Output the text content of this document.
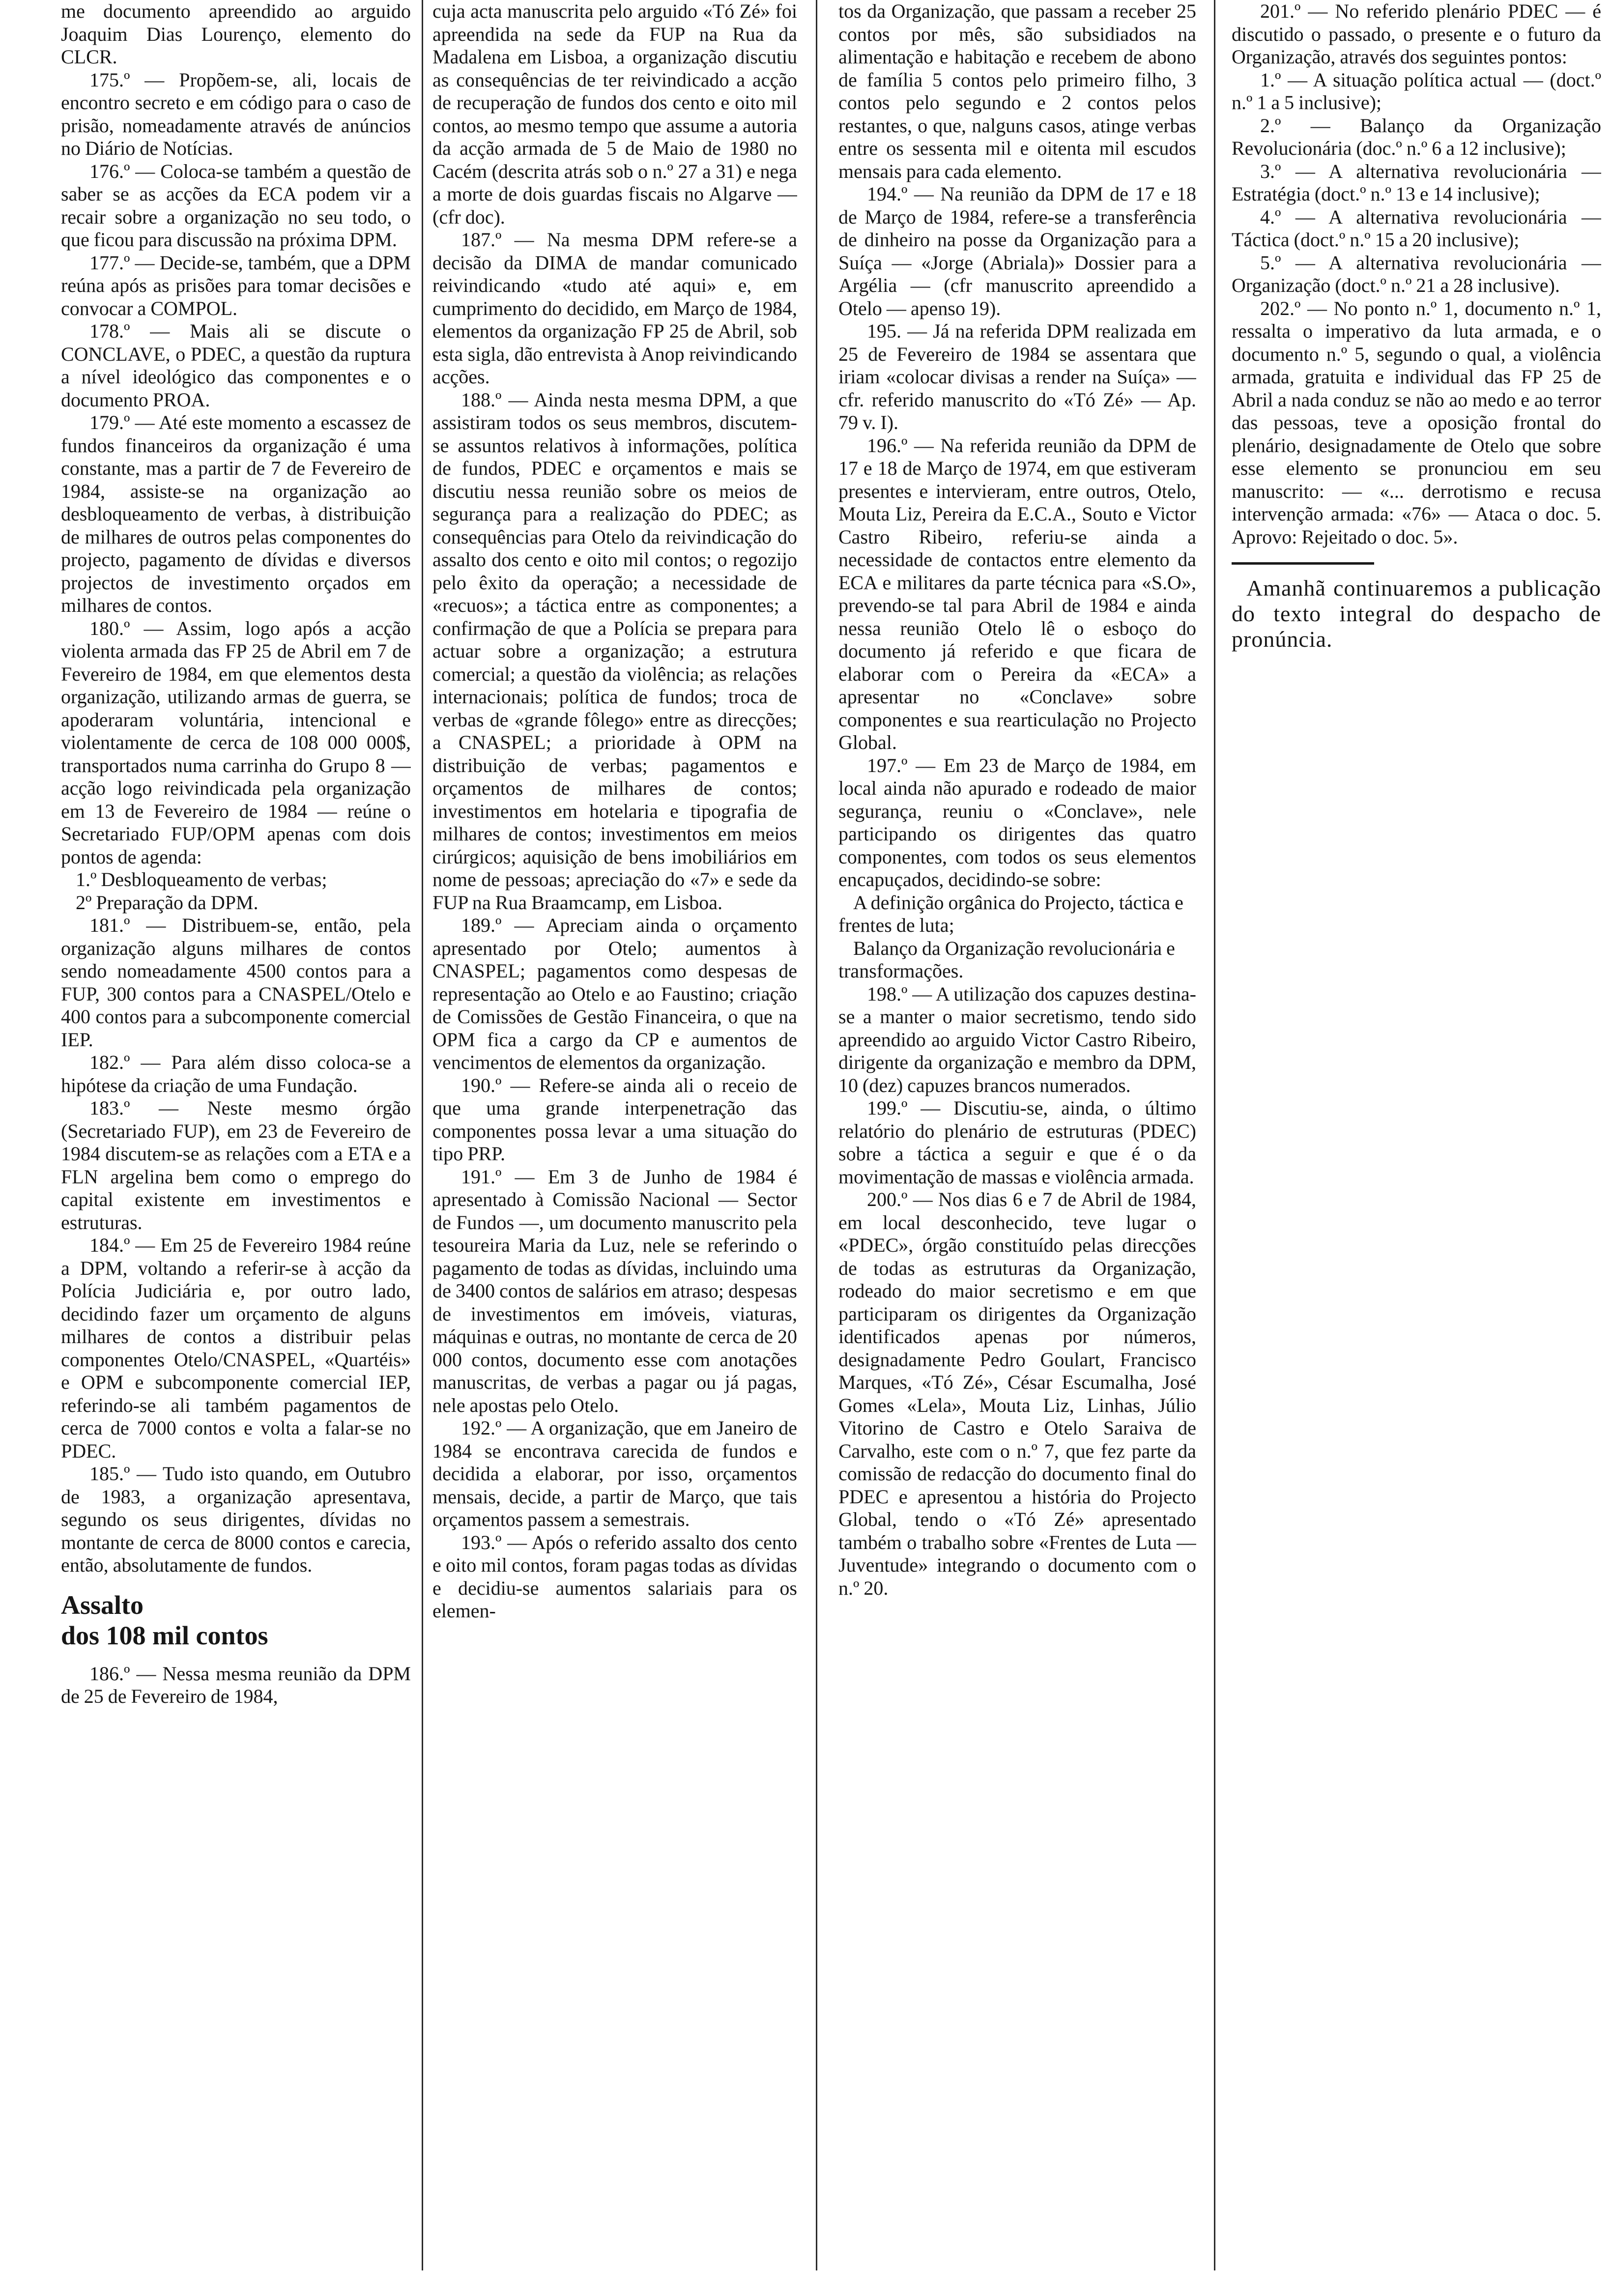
me documento apreendido ao arguido Joaquim Dias Lourenço, elemento do CLCR.

175.º — Propõem-se, ali, locais de encontro secreto e em código para o caso de prisão, nomeadamente através de anúncios no Diário de Notícias.

176.º — Coloca-se também a questão de saber se as acções da ECA podem vir a recair sobre a organização no seu todo, o que ficou para discussão na próxima DPM.

177.º — Decide-se, também, que a DPM reúna após as prisões para tomar decisões e convocar a COMPOL.

178.º — Mais ali se discute o CONCLAVE, o PDEC, a questão da ruptura a nível ideológico das componentes e o documento PROA.

179.º — Até este momento a escassez de fundos financeiros da organização é uma constante, mas a partir de 7 de Fevereiro de 1984, assiste-se na organização ao desbloqueamento de verbas, à distribuição de milhares de outros pelas componentes do projecto, pagamento de dívidas e diversos projectos de investimento orçados em milhares de contos.

180.º — Assim, logo após a acção violenta armada das FP 25 de Abril em 7 de Fevereiro de 1984, em que elementos desta organização, utilizando armas de guerra, se apoderaram voluntária, intencional e violentamente de cerca de 108 000 000$, transportados numa carrinha do Grupo 8 — acção logo reivindicada pela organização em 13 de Fevereiro de 1984 — reúne o Secretariado FUP/OPM apenas com dois pontos de agenda:

1.º Desbloqueamento de verbas;

2º Preparação da DPM.

181.º — Distribuem-se, então, pela organização alguns milhares de contos sendo nomeadamente 4500 contos para a FUP, 300 contos para a CNASPEL/Otelo e 400 contos para a subcomponente comercial IEP.

182.º — Para além disso coloca-se a hipótese da criação de uma Fundação.

183.º — Neste mesmo órgão (Secretariado FUP), em 23 de Fevereiro de 1984 discutem-se as relações com a ETA e a FLN argelina bem como o emprego do capital existente em investimentos e estruturas.

184.º — Em 25 de Fevereiro 1984 reúne a DPM, voltando a referir-se à acção da Polícia Judiciária e, por outro lado, decidindo fazer um orçamento de alguns milhares de contos a distribuir pelas componentes Otelo/CNASPEL, «Quartéis» e OPM e subcomponente comercial IEP, referindo-se ali também pagamentos de cerca de 7000 contos e volta a falar-se no PDEC.

185.º — Tudo isto quando, em Outubro de 1983, a organização apresentava, segundo os seus dirigentes, dívidas no montante de cerca de 8000 contos e carecia, então, absolutamente de fundos.

Assalto
dos 108 mil contos

186.º — Nessa mesma reunião da DPM de 25 de Fevereiro de 1984,

cuja acta manuscrita pelo arguido «Tó Zé» foi apreendida na sede da FUP na Rua da Madalena em Lisboa, a organização discutiu as consequências de ter reivindicado a acção de recuperação de fundos dos cento e oito mil contos, ao mesmo tempo que assume a autoria da acção armada de 5 de Maio de 1980 no Cacém (descrita atrás sob o n.º 27 a 31) e nega a morte de dois guardas fiscais no Algarve — (cfr doc).

187.º — Na mesma DPM refere-se a decisão da DIMA de mandar comunicado reivindicando «tudo até aqui» e, em cumprimento do decidido, em Março de 1984, elementos da organização FP 25 de Abril, sob esta sigla, dão entrevista à Anop reivindicando acções.

188.º — Ainda nesta mesma DPM, a que assistiram todos os seus membros, discutem-se assuntos relativos à informações, política de fundos, PDEC e orçamentos e mais se discutiu nessa reunião sobre os meios de segurança para a realização do PDEC; as consequências para Otelo da reivindicação do assalto dos cento e oito mil contos; o regozijo pelo êxito da operação; a necessidade de «recuos»; a táctica entre as componentes; a confirmação de que a Polícia se prepara para actuar sobre a organização; a estrutura comercial; a questão da violência; as relações internacionais; política de fundos; troca de verbas de «grande fôlego» entre as direcções; a CNASPEL; a prioridade à OPM na distribuição de verbas; pagamentos e orçamentos de milhares de contos; investimentos em hotelaria e tipografia de milhares de contos; investimentos em meios cirúrgicos; aquisição de bens imobiliários em nome de pessoas; apreciação do «7» e sede da FUP na Rua Braamcamp, em Lisboa.

189.º — Apreciam ainda o orçamento apresentado por Otelo; aumentos à CNASPEL; pagamentos como despesas de representação ao Otelo e ao Faustino; criação de Comissões de Gestão Financeira, o que na OPM fica a cargo da CP e aumentos de vencimentos de elementos da organização.

190.º — Refere-se ainda ali o receio de que uma grande interpenetração das componentes possa levar a uma situação do tipo PRP.

191.º — Em 3 de Junho de 1984 é apresentado à Comissão Nacional — Sector de Fundos —, um documento manuscrito pela tesoureira Maria da Luz, nele se referindo o pagamento de todas as dívidas, incluindo uma de 3400 contos de salários em atraso; despesas de investimentos em imóveis, viaturas, máquinas e outras, no montante de cerca de 20 000 contos, documento esse com anotações manuscritas, de verbas a pagar ou já pagas, nele apostas pelo Otelo.

192.º — A organização, que em Janeiro de 1984 se encontrava carecida de fundos e decidida a elaborar, por isso, orçamentos mensais, decide, a partir de Março, que tais orçamentos passem a semestrais.

193.º — Após o referido assalto dos cento e oito mil contos, foram pagas todas as dívidas e decidiu-se aumentos salariais para os elemen-

tos da Organização, que passam a receber 25 contos por mês, são subsidiados na alimentação e habitação e recebem de abono de família 5 contos pelo primeiro filho, 3 contos pelo segundo e 2 contos pelos restantes, o que, nalguns casos, atinge verbas entre os sessenta mil e oitenta mil escudos mensais para cada elemento.

194.º — Na reunião da DPM de 17 e 18 de Março de 1984, refere-se a transferência de dinheiro na posse da Organização para a Suíça — «Jorge (Abriala)» Dossier para a Argélia — (cfr manuscrito apreendido a Otelo — apenso 19).

195. — Já na referida DPM realizada em 25 de Fevereiro de 1984 se assentara que iriam «colocar divisas a render na Suíça» — cfr. referido manuscrito do «Tó Zé» — Ap. 79 v. I).

196.º — Na referida reunião da DPM de 17 e 18 de Março de 1974, em que estiveram presentes e intervieram, entre outros, Otelo, Mouta Liz, Pereira da E.C.A., Souto e Victor Castro Ribeiro, referiu-se ainda a necessidade de contactos entre elemento da ECA e militares da parte técnica para «S.O», prevendo-se tal para Abril de 1984 e ainda nessa reunião Otelo lê o esboço do documento já referido e que ficara de elaborar com o Pereira da «ECA» a apresentar no «Conclave» sobre componentes e sua rearticulação no Projecto Global.

197.º — Em 23 de Março de 1984, em local ainda não apurado e rodeado de maior segurança, reuniu o «Conclave», nele participando os dirigentes das quatro componentes, com todos os seus elementos encapuçados, decidindo-se sobre:

A definição orgânica do Projecto, táctica e frentes de luta;

Balanço da Organização revolucionária e transformações.

198.º — A utilização dos capuzes destina-se a manter o maior secretismo, tendo sido apreendido ao arguido Victor Castro Ribeiro, dirigente da organização e membro da DPM, 10 (dez) capuzes brancos numerados.

199.º — Discutiu-se, ainda, o último relatório do plenário de estruturas (PDEC) sobre a táctica a seguir e que é o da movimentação de massas e violência armada.

200.º — Nos dias 6 e 7 de Abril de 1984, em local desconhecido, teve lugar o «PDEC», órgão constituído pelas direcções de todas as estruturas da Organização, rodeado do maior secretismo e em que participaram os dirigentes da Organização identificados apenas por números, designadamente Pedro Goulart, Francisco Marques, «Tó Zé», César Escumalha, José Gomes «Lela», Mouta Liz, Linhas, Júlio Vitorino de Castro e Otelo Saraiva de Carvalho, este com o n.º 7, que fez parte da comissão de redacção do documento final do PDEC e apresentou a história do Projecto Global, tendo o «Tó Zé» apresentado também o trabalho sobre «Frentes de Luta — Juventude» integrando o documento com o n.º 20.

201.º — No referido plenário PDEC — é discutido o passado, o presente e o futuro da Organização, através dos seguintes pontos:

1.º — A situação política actual — (doct.º n.º 1 a 5 inclusive);

2.º — Balanço da Organização Revolucionária (doc.º n.º 6 a 12 inclusive);

3.º — A alternativa revolucionária — Estratégia (doct.º n.º 13 e 14 inclusive);

4.º — A alternativa revolucionária — Táctica (doct.º n.º 15 a 20 inclusive);

5.º — A alternativa revolucionária — Organização (doct.º n.º 21 a 28 inclusive).

202.º — No ponto n.º 1, documento n.º 1, ressalta o imperativo da luta armada, e o documento n.º 5, segundo o qual, a violência armada, gratuita e individual das FP 25 de Abril a nada conduz se não ao medo e ao terror das pessoas, teve a oposição frontal do plenário, designadamente de Otelo que sobre esse elemento se pronunciou em seu manuscrito: — «... derrotismo e recusa intervenção armada: «76» — Ataca o doc. 5. Aprovo: Rejeitado o doc. 5».

Amanhã continuaremos a publicação do texto integral do despacho de pronúncia.
